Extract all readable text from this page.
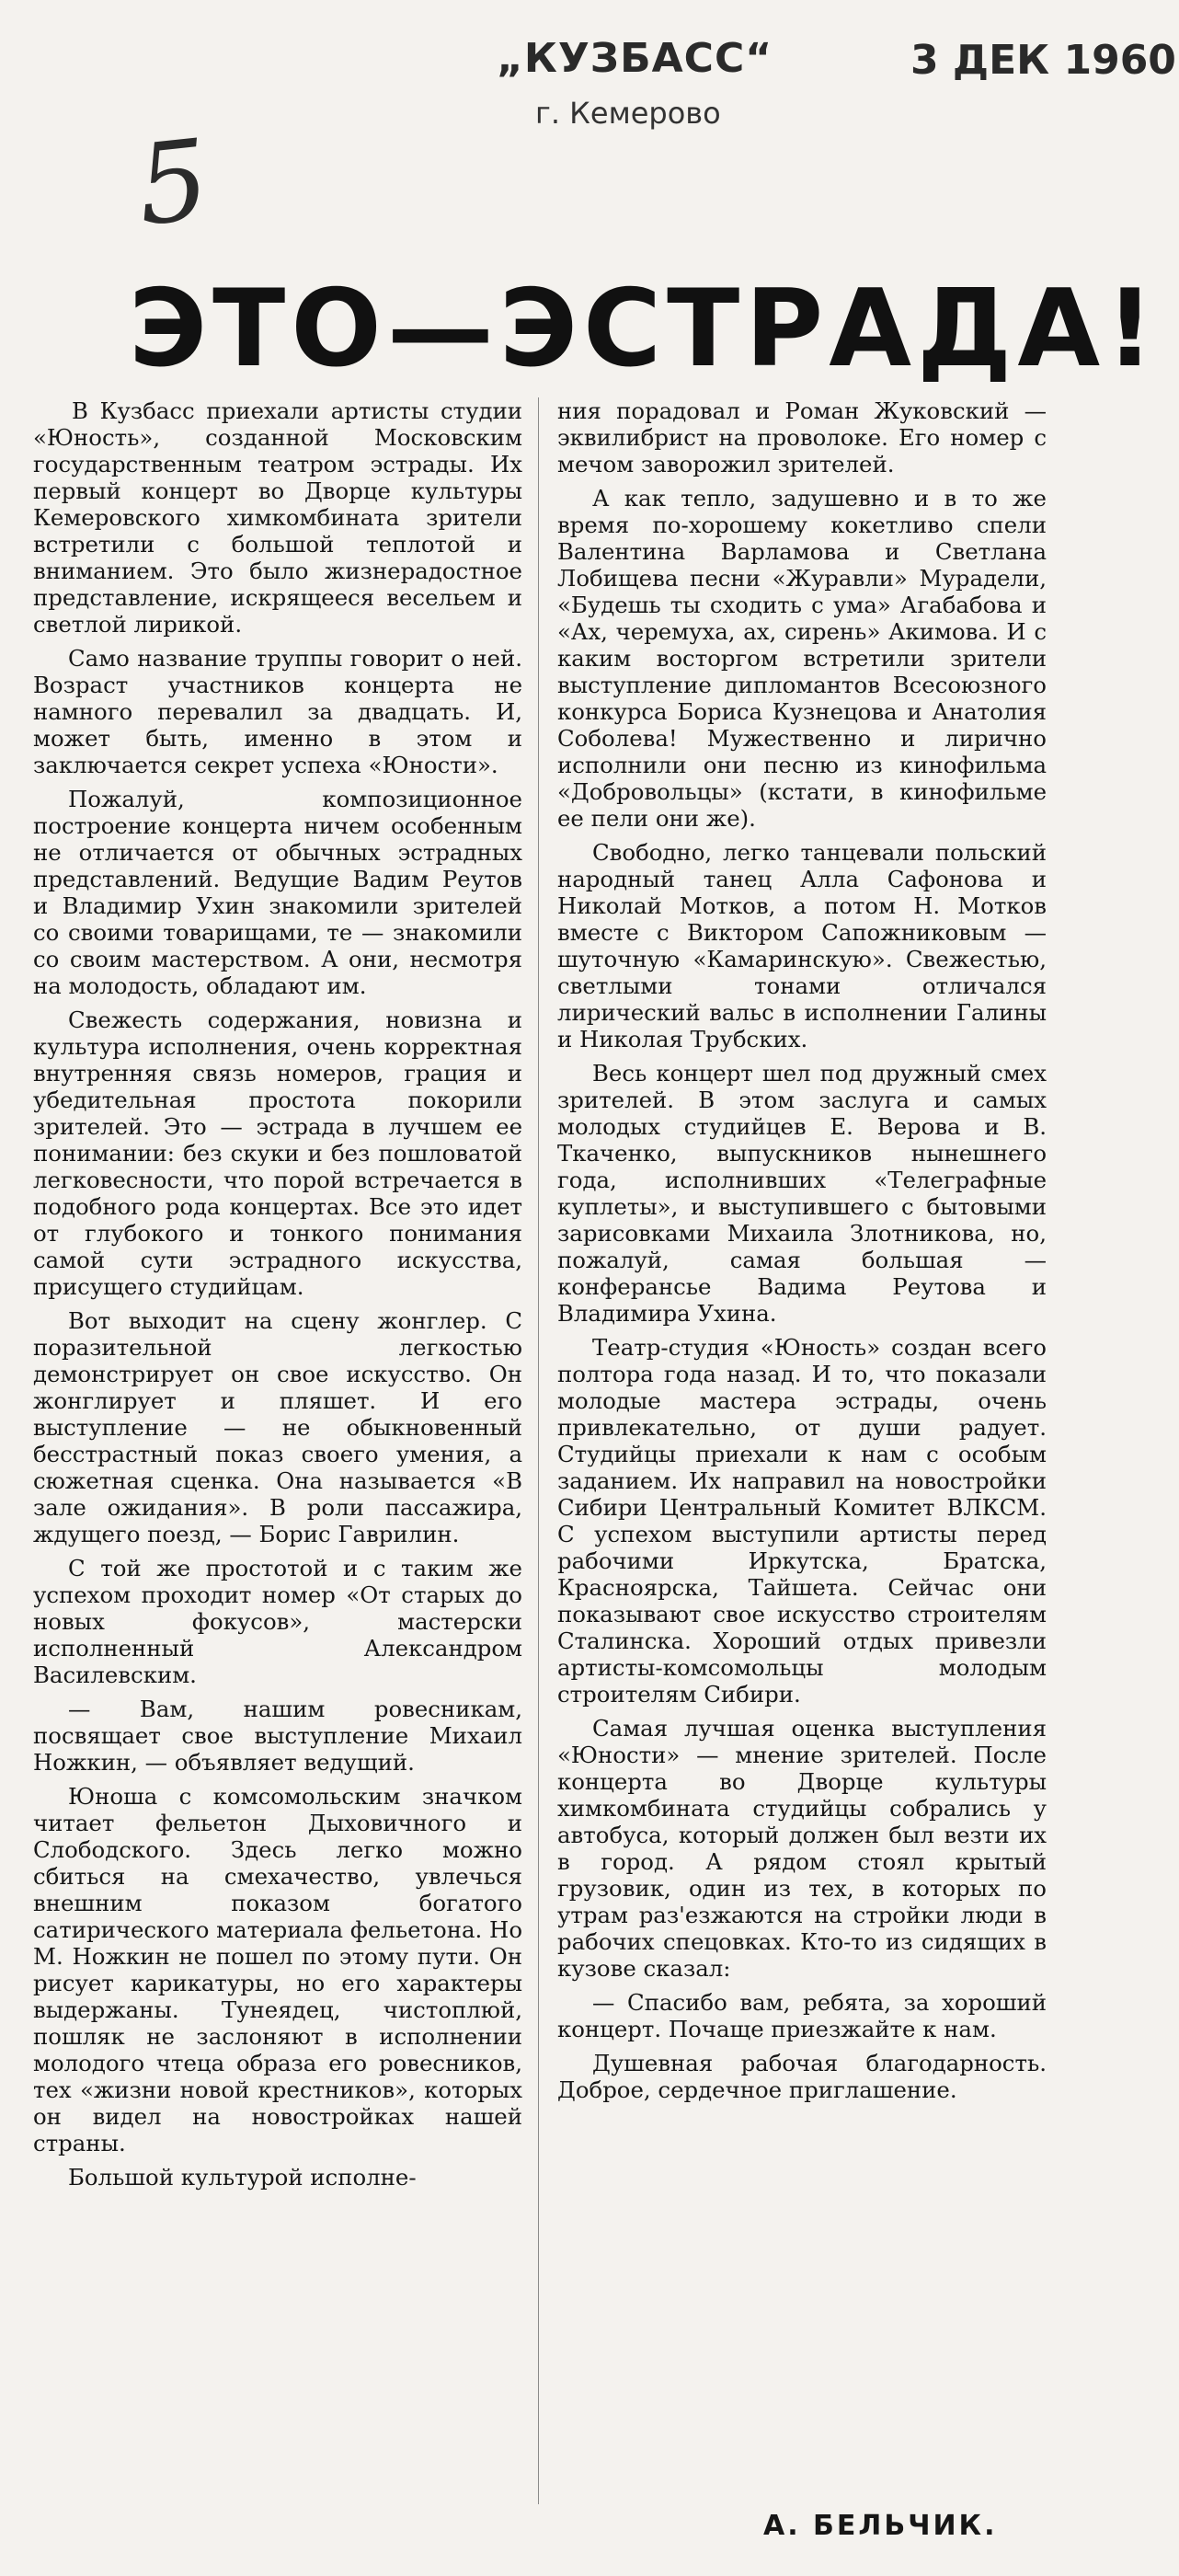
„КУЗБАСС“	3 ДЕК 1960
г. Кемерово
5
ЭТО—ЭСТРАДА!

В Кузбасс приехали артисты студии «Юность», созданной Московским государственным театром эстрады. Их первый концерт во Дворце культуры Кемеровского химкомбината зрители встретили с большой теплотой и вниманием. Это было жизнерадостное представление, искрящееся весельем и светлой лирикой.

Само название труппы говорит о ней. Возраст участников концерта не намного перевалил за двадцать. И, может быть, именно в этом и заключается секрет успеха «Юности».

Пожалуй, композиционное построение концерта ничем особенным не отличается от обычных эстрадных представлений. Ведущие Вадим Реутов и Владимир Ухин знакомили зрителей со своими товарищами, те — знакомили со своим мастерством. А они, несмотря на молодость, обладают им.

Свежесть содержания, новизна и культура исполнения, очень корректная внутренняя связь номеров, грация и убедительная простота покорили зрителей. Это — эстрада в лучшем ее понимании: без скуки и без пошловатой легковесности, что порой встречается в подобного рода концертах. Все это идет от глубокого и тонкого понимания самой сути эстрадного искусства, присущего студийцам.

Вот выходит на сцену жонглер. С поразительной легкостью демонстрирует он свое искусство. Он жонглирует и пляшет. И его выступление — не обыкновенный бесстрастный показ своего умения, а сюжетная сценка. Она называется «В зале ожидания». В роли пассажира, ждущего поезд, — Борис Гаврилин.

С той же простотой и с таким же успехом проходит номер «От старых до новых фокусов», мастерски исполненный Александром Василевским.

— Вам, нашим ровесникам, посвящает свое выступление Михаил Ножкин, — объявляет ведущий.

Юноша с комсомольским значком читает фельетон Дыховичного и Слободского. Здесь легко можно сбиться на смехачество, увлечься внешним показом богатого сатирического материала фельетона. Но М. Ножкин не пошел по этому пути. Он рисует карикатуры, но его характеры выдержаны. Тунеядец, чистоплюй, пошляк не заслоняют в исполнении молодого чтеца образа его ровесников, тех «жизни новой крестников», которых он видел на новостройках нашей страны.

Большой культурой исполне-

ния порадовал и Роман Жуковский — эквилибрист на проволоке. Его номер с мечом заворожил зрителей.

А как тепло, задушевно и в то же время по-хорошему кокетливо спели Валентина Варламова и Светлана Лобищева песни «Журавли» Мурадели, «Будешь ты сходить с ума» Агабабова и «Ах, черемуха, ах, сирень» Акимова. И с каким восторгом встретили зрители выступление дипломантов Всесоюзного конкурса Бориса Кузнецова и Анатолия Соболева! Мужественно и лирично исполнили они песню из кинофильма «Добровольцы» (кстати, в кинофильме ее пели они же).

Свободно, легко танцевали польский народный танец Алла Сафонова и Николай Мотков, а потом Н. Мотков вместе с Виктором Сапожниковым — шуточную «Камаринскую». Свежестью, светлыми тонами отличался лирический вальс в исполнении Галины и Николая Трубских.

Весь концерт шел под дружный смех зрителей. В этом заслуга и самых молодых студийцев Е. Верова и В. Ткаченко, выпускников нынешнего года, исполнивших «Телеграфные куплеты», и выступившего с бытовыми зарисовками Михаила Злотникова, но, пожалуй, самая большая — конферансье Вадима Реутова и Владимира Ухина.

Театр-студия «Юность» создан всего полтора года назад. И то, что показали молодые мастера эстрады, очень привлекательно, от души радует. Студийцы приехали к нам с особым заданием. Их направил на новостройки Сибири Центральный Комитет ВЛКСМ. С успехом выступили артисты перед рабочими Иркутска, Братска, Красноярска, Тайшета. Сейчас они показывают свое искусство строителям Сталинска. Хороший отдых привезли артисты-комсомольцы молодым строителям Сибири.

Самая лучшая оценка выступления «Юности» — мнение зрителей. После концерта во Дворце культуры химкомбината студийцы собрались у автобуса, который должен был везти их в город. А рядом стоял крытый грузовик, один из тех, в которых по утрам раз'езжаются на стройки люди в рабочих спецовках. Кто-то из сидящих в кузове сказал:

— Спасибо вам, ребята, за хороший концерт. Почаще приезжайте к нам.

Душевная рабочая благодарность. Доброе, сердечное приглашение.

А. БЕЛЬЧИК.
